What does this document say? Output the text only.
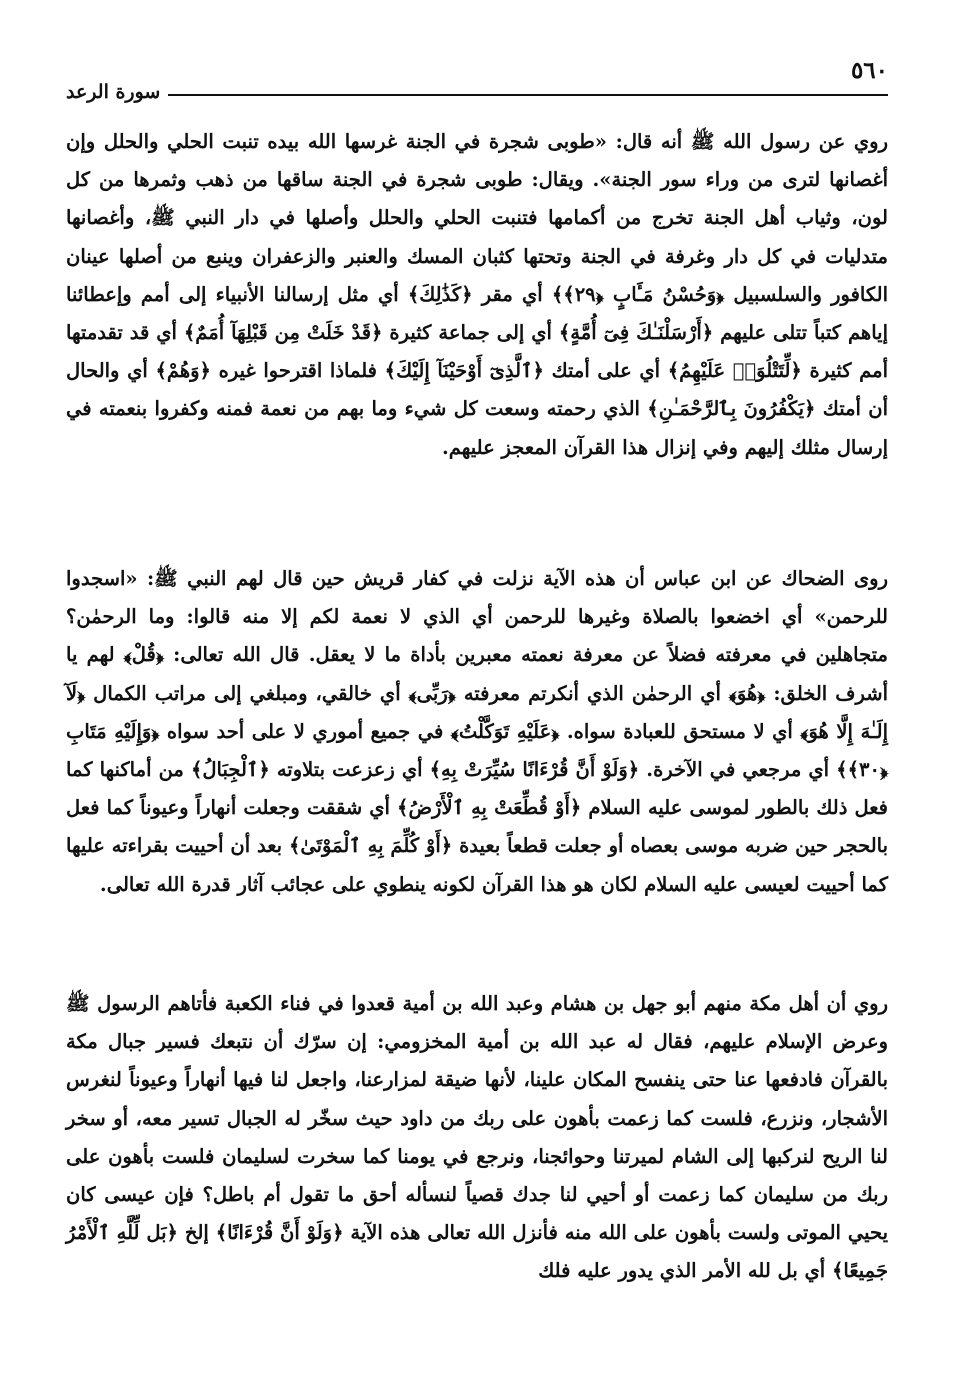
٥٦٠
سورة الرعد

روي عن رسول الله ﷺ أنه قال: «طوبى شجرة في الجنة غرسها الله بيده تنبت الحلي والحلل وإن أغصانها لترى من وراء سور الجنة». ويقال: طوبى شجرة في الجنة ساقها من ذهب وثمرها من كل لون، وثياب أهل الجنة تخرج من أكمامها فتنبت الحلي والحلل وأصلها في دار النبي ﷺ، وأغصانها متدليات في كل دار وغرفة في الجنة وتحتها كثبان المسك والعنبر والزعفران وينبع من أصلها عينان الكافور والسلسبيل ﴿وَحُسْنُ مَـَٔابٍ ﴿٢٩﴾﴾ أي مقر ﴿كَذَٰلِكَ﴾ أي مثل إرسالنا الأنبياء إلى أمم وإعطائنا إياهم كتباً تتلى عليهم ﴿أَرْسَلْنَـٰكَ فِىٓ أُمَّةٍ﴾ أي إلى جماعة كثيرة ﴿قَدْ خَلَتْ مِن قَبْلِهَآ أُمَمٌ﴾ أي قد تقدمتها أمم كثيرة ﴿لِّتَتْلُوَا۟ عَلَيْهِمُ﴾ أي على أمتك ﴿ٱلَّذِىٓ أَوْحَيْنَآ إِلَيْكَ﴾ فلماذا اقترحوا غيره ﴿وَهُمْ﴾ أي والحال أن أمتك ﴿يَكْفُرُونَ بِٱلرَّحْمَـٰنِ﴾ الذي رحمته وسعت كل شيء وما بهم من نعمة فمنه وكفروا بنعمته في إرسال مثلك إليهم وفي إنزال هذا القرآن المعجز عليهم.

روى الضحاك عن ابن عباس أن هذه الآية نزلت في كفار قريش حين قال لهم النبي ﷺ: «اسجدوا للرحمن» أي اخضعوا بالصلاة وغيرها للرحمن أي الذي لا نعمة لكم إلا منه قالوا: وما الرحمٰن؟ متجاهلين في معرفته فضلاً عن معرفة نعمته معبرين بأداة ما لا يعقل. قال الله تعالى: ﴿قُلْ﴾ لهم يا أشرف الخلق: ﴿هُوَ﴾ أي الرحمٰن الذي أنكرتم معرفته ﴿رَبِّى﴾ أي خالقي، ومبلغي إلى مراتب الكمال ﴿لَآ إِلَـٰهَ إِلَّا هُوَ﴾ أي لا مستحق للعبادة سواه. ﴿عَلَيْهِ تَوَكَّلْتُ﴾ في جميع أموري لا على أحد سواه ﴿وَإِلَيْهِ مَتَابِ ﴿٣٠﴾﴾ أي مرجعي في الآخرة. ﴿وَلَوْ أَنَّ قُرْءَانًا سُيِّرَتْ بِهِ﴾ أي زعزعت بتلاوته ﴿ٱلْجِبَالُ﴾ من أماكنها كما فعل ذلك بالطور لموسى عليه السلام ﴿أَوْ قُطِّعَتْ بِهِ ٱلْأَرْضُ﴾ أي شققت وجعلت أنهاراً وعيوناً كما فعل بالحجر حين ضربه موسى بعصاه أو جعلت قطعاً بعيدة ﴿أَوْ كُلِّمَ بِهِ ٱلْمَوْتَىٰ﴾ بعد أن أحييت بقراءته عليها كما أحييت لعيسى عليه السلام لكان هو هذا القرآن لكونه ينطوي على عجائب آثار قدرة الله تعالى.

روي أن أهل مكة منهم أبو جهل بن هشام وعبد الله بن أمية قعدوا في فناء الكعبة فأتاهم الرسول ﷺ وعرض الإسلام عليهم، فقال له عبد الله بن أمية المخزومي: إن سرّك أن نتبعك فسير جبال مكة بالقرآن فادفعها عنا حتى ينفسح المكان علينا، لأنها ضيقة لمزارعنا، واجعل لنا فيها أنهاراً وعيوناً لنغرس الأشجار، ونزرع، فلست كما زعمت بأهون على ربك من داود حيث سخّر له الجبال تسير معه، أو سخر لنا الريح لنركبها إلى الشام لميرتنا وحوائجنا، ونرجع في يومنا كما سخرت لسليمان فلست بأهون على ربك من سليمان كما زعمت أو أحيي لنا جدك قصياً لنسأله أحق ما تقول أم باطل؟ فإن عيسى كان يحيي الموتى ولست بأهون على الله منه فأنزل الله تعالى هذه الآية ﴿وَلَوْ أَنَّ قُرْءَانًا﴾ إلخ ﴿بَل لِّلَّهِ ٱلْأَمْرُ جَمِيعًا﴾ أي بل لله الأمر الذي يدور عليه فلك
